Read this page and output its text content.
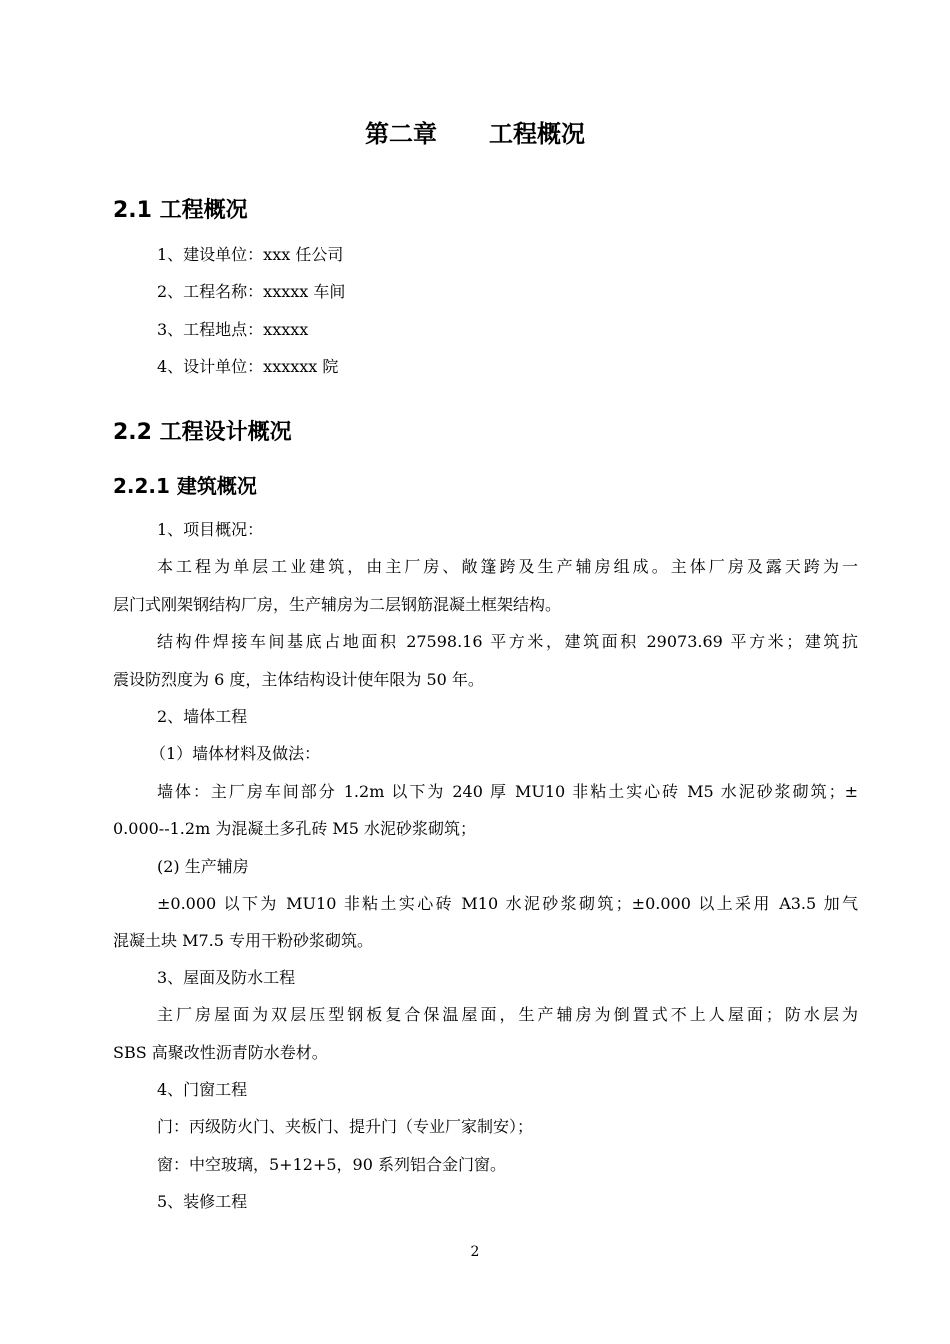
第二章 工程概况
2.1 工程概况
1、建设单位：xxx 任公司
2、工程名称：xxxxx 车间
3、工程地点：xxxxx
4、设计单位：xxxxxx 院
2.2 工程设计概况
2.2.1 建筑概况
1、项目概况：
本工程为单层工业建筑，由主厂房、敞篷跨及生产辅房组成。主体厂房及露天跨为一
层门式刚架钢结构厂房，生产辅房为二层钢筋混凝土框架结构。
结构件焊接车间基底占地面积 27598.16 平方米，建筑面积 29073.69 平方米；建筑抗
震设防烈度为 6 度，主体结构设计使年限为 50 年。
2、墙体工程
（1）墙体材料及做法：
墙体：主厂房车间部分 1.2m 以下为 240 厚 MU10 非粘土实心砖 M5 水泥砂浆砌筑；±
0.000--1.2m 为混凝土多孔砖 M5 水泥砂浆砌筑；
(2) 生产辅房
±0.000 以下为 MU10 非粘土实心砖 M10 水泥砂浆砌筑；±0.000 以上采用 A3.5 加气
混凝土块 M7.5 专用干粉砂浆砌筑。
3、屋面及防水工程
主厂房屋面为双层压型钢板复合保温屋面，生产辅房为倒置式不上人屋面；防水层为
SBS 高聚改性沥青防水卷材。
4、门窗工程
门：丙级防火门、夹板门、提升门（专业厂家制安）；
窗：中空玻璃，5+12+5，90 系列铝合金门窗。
5、装修工程
2
